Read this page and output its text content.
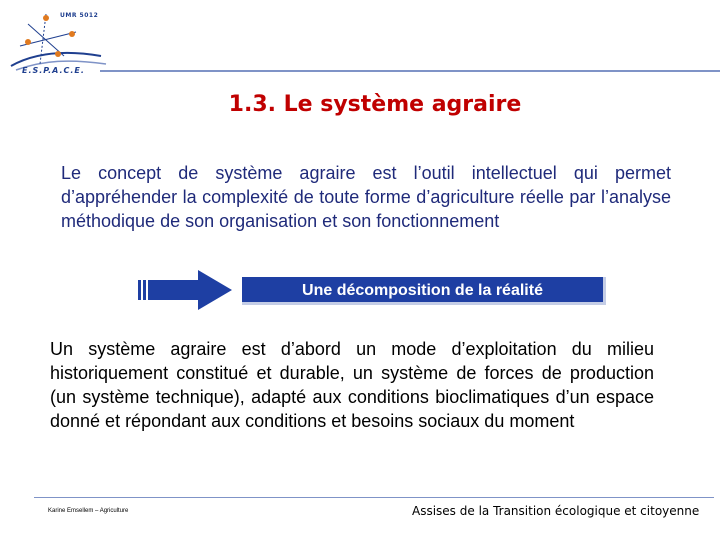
UMR 5012
E.S.P.A.C.E.
1.3. Le système agraire
Le concept de système agraire est l’outil intellectuel qui permet d’appréhender la complexité de toute forme d’agriculture réelle par l’analyse méthodique de son organisation et son fonctionnement
Une décomposition de la réalité
Un système agraire est d’abord un mode d’exploitation du milieu historiquement constitué et durable, un système de forces de production (un système technique), adapté aux conditions bioclimatiques d’un espace donné et répondant aux conditions et besoins sociaux du moment
Karine Emsellem – Agriculture	Assises de la Transition écologique et citoyenne
